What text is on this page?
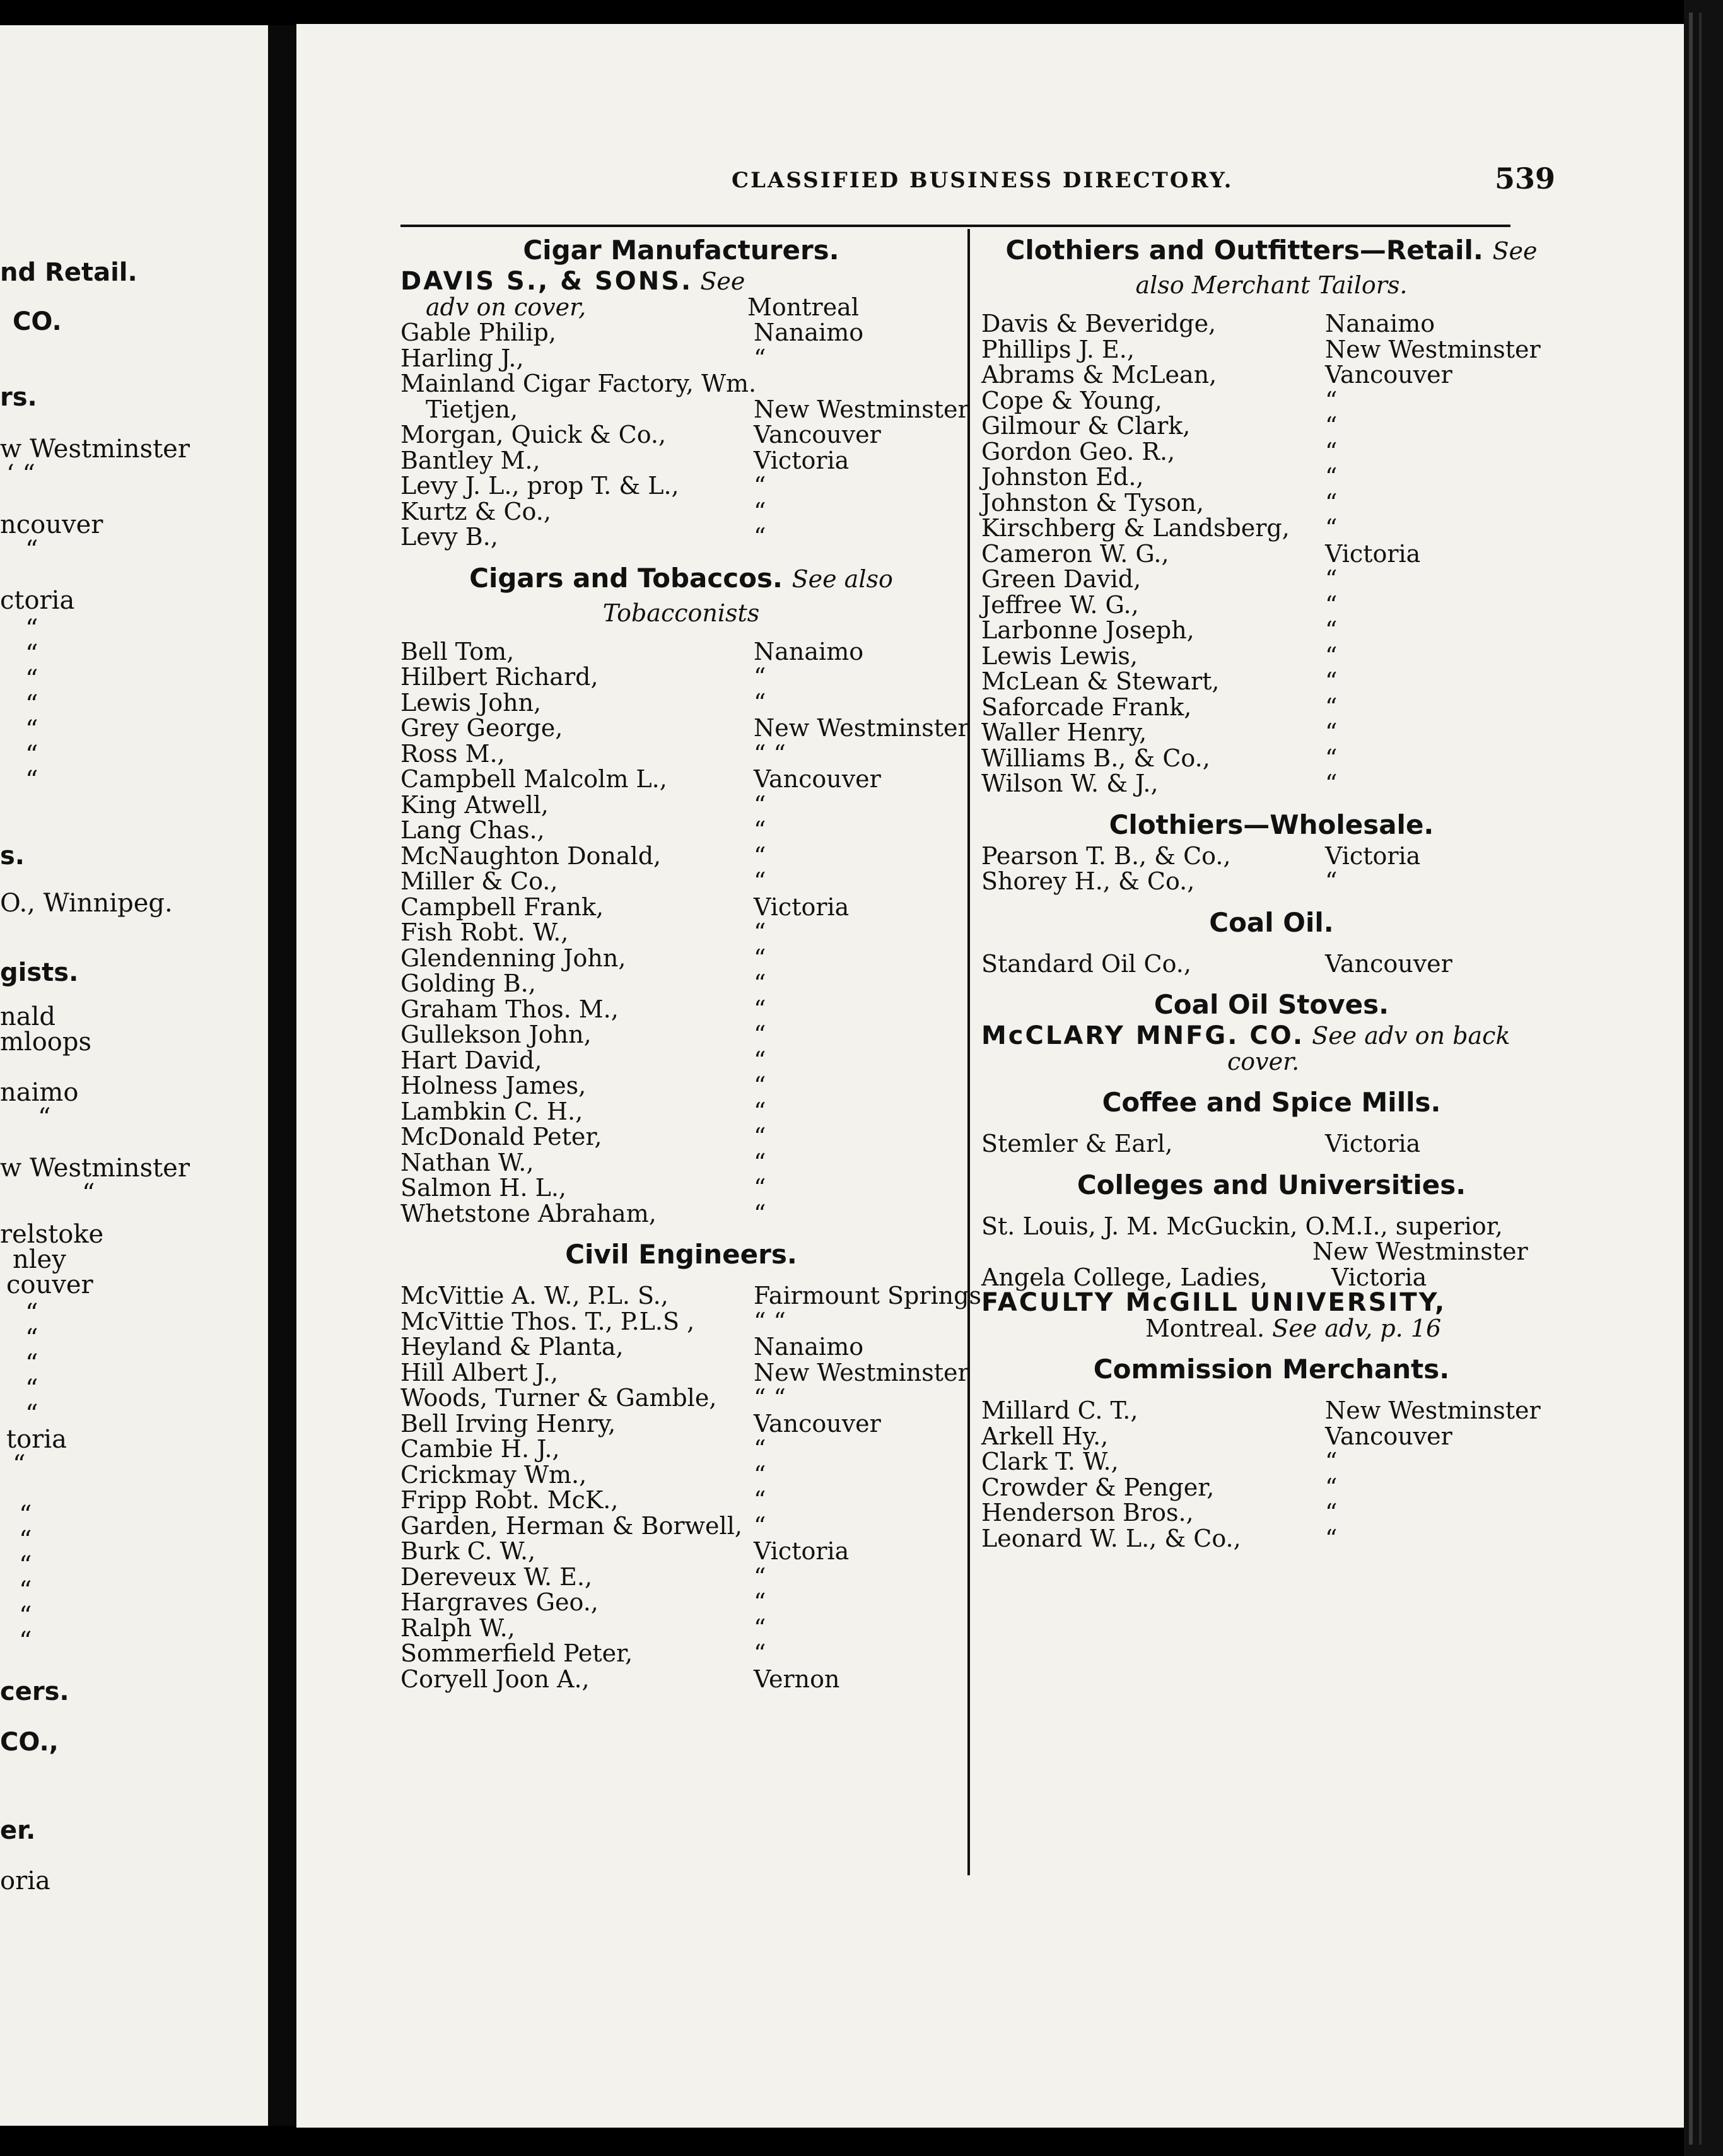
nd Retail.
CO.
rs.
w Westminster
‘ “
ncouver
“
ctoria
“
“
“
“
“
“
“
s.
O., Winnipeg.
gists.
nald
mloops
naimo
“
w Westminster
“
relstoke
nley
couver
“
“
“
“
“
toria
“
“
“
“
“
“
“
cers.
CO.,
er.
oria
CLASSIFIED BUSINESS DIRECTORY.	539
Cigar Manufacturers.
DAVIS S., & SONS. See
adv on cover,	Montreal
Gable Philip,	Nanaimo
Harling J.,	“
Mainland Cigar Factory, Wm.
Tietjen,	New Westminster
Morgan, Quick & Co.,	Vancouver
Bantley M.,	Victoria
Levy J. L., prop T. & L.,	“
Kurtz & Co.,	“
Levy B.,	“
Cigars and Tobaccos. See also
Tobacconists
Bell Tom,	Nanaimo
Hilbert Richard,	“
Lewis John,	“
Grey George,	New Westminster
Ross M.,	“ “
Campbell Malcolm L.,	Vancouver
King Atwell,	“
Lang Chas.,	“
McNaughton Donald,	“
Miller & Co.,	“
Campbell Frank,	Victoria
Fish Robt. W.,	“
Glendenning John,	“
Golding B.,	“
Graham Thos. M.,	“
Gullekson John,	“
Hart David,	“
Holness James,	“
Lambkin C. H.,	“
McDonald Peter,	“
Nathan W.,	“
Salmon H. L.,	“
Whetstone Abraham,	“
Civil Engineers.
McVittie A. W., P.L. S.,	Fairmount Springs
McVittie Thos. T., P.L.S , “ “
Heyland & Planta,	Nanaimo
Hill Albert J.,	New Westminster
Woods, Turner & Gamble, “ “
Bell Irving Henry,	Vancouver
Cambie H. J.,	“
Crickmay Wm.,	“
Fripp Robt. McK.,	“
Garden, Herman & Borwell, “
Burk C. W.,	Victoria
Dereveux W. E.,	“
Hargraves Geo.,	“
Ralph W.,	“
Sommerfield Peter,	“
Coryell Joon A.,	Vernon
Clothiers and Outfitters—Retail. See
also Merchant Tailors.
Davis & Beveridge,	Nanaimo
Phillips J. E.,	New Westminster
Abrams & McLean,	Vancouver
Cope & Young,	“
Gilmour & Clark,	“
Gordon Geo. R.,	“
Johnston Ed.,	“
Johnston & Tyson,	“
Kirschberg & Landsberg, “
Cameron W. G.,	Victoria
Green David,	“
Jeffree W. G.,	“
Larbonne Joseph,	“
Lewis Lewis,	“
McLean & Stewart,	“
Saforcade Frank,	“
Waller Henry,	“
Williams B., & Co.,	“
Wilson W. & J.,	“
Clothiers—Wholesale.
Pearson T. B., & Co.,	Victoria
Shorey H., & Co.,	“
Coal Oil.
Standard Oil Co.,	Vancouver
Coal Oil Stoves.
McCLARY MNFG. CO. See adv on back
cover.
Coffee and Spice Mills.
Stemler & Earl,	Victoria
Colleges and Universities.
St. Louis, J. M. McGuckin, O.M.I., superior,
New Westminster
Angela College, Ladies,	Victoria
FACULTY McGILL UNIVERSITY,
Montreal. See adv, p. 16
Commission Merchants.
Millard C. T.,	New Westminster
Arkell Hy.,	Vancouver
Clark T. W.,	“
Crowder & Penger,	“
Henderson Bros.,	“
Leonard W. L., & Co.,	“
